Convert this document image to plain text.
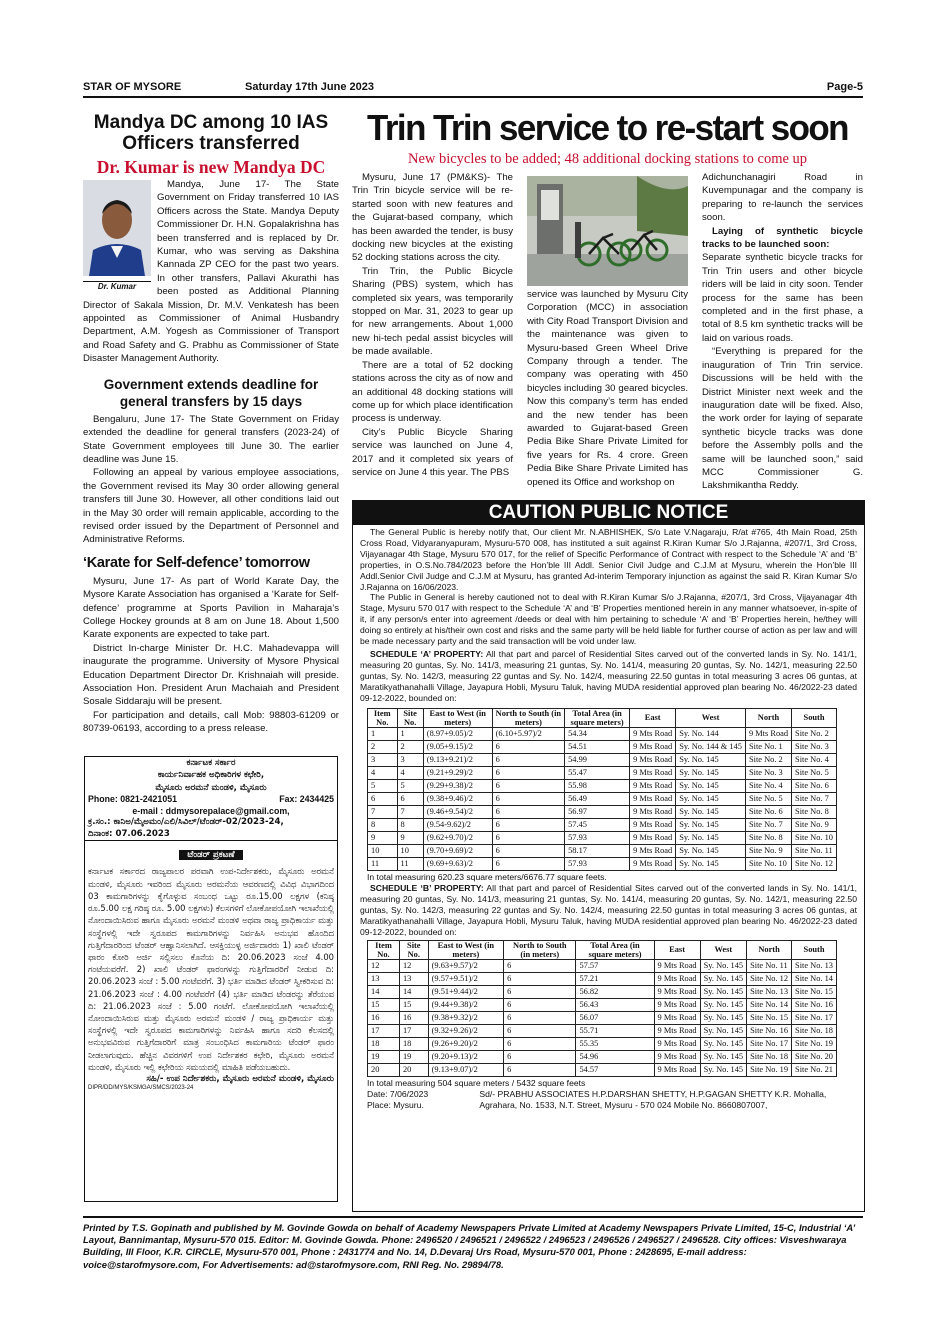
STAR OF MYSORE	Saturday 17th June 2023	Page-5
Mandya DC among 10 IAS Officers transferred
Dr. Kumar is new Mandya DC
Dr. Kumar

Mandya, June 17- The State Government on Friday transferred 10 IAS Officers across the State. Mandya Deputy Commissioner Dr. H.N. Gopalakrishna has been transferred and is replaced by Dr. Kumar, who was serving as Dakshina Kannada ZP CEO for the past two years. In other transfers, Pallavi Akurathi has been posted as Additional Planning Director of Sakala Mission, Dr. M.V. Venkatesh has been appointed as Commissioner of Animal Husbandry Department, A.M. Yogesh as Commissioner of Transport and Road Safety and G. Prabhu as Commissioner of State Disaster Management Authority.

Government extends deadline for general transfers by 15 days

Bengaluru, June 17- The State Government on Friday extended the deadline for general transfers (2023-24) of State Government employees till June 30. The earlier deadline was June 15.

Following an appeal by various employee associations, the Government revised its May 30 order allowing general transfers till June 30. However, all other conditions laid out in the May 30 order will remain applicable, according to the revised order issued by the Department of Personnel and Administrative Reforms.

‘Karate for Self-defence’ tomorrow

Mysuru, June 17- As part of World Karate Day, the Mysore Karate Association has organised a ‘Karate for Self-defence’ programme at Sports Pavilion in Maharaja’s College Hockey grounds at 8 am on June 18. About 1,500 Karate exponents are expected to take part.

District In-charge Minister Dr. H.C. Mahadevappa will inaugurate the programme. University of Mysore Physical Education Department Director Dr. Krishnaiah will preside. Association Hon. President Arun Machaiah and President Sosale Siddaraju will be present.

For participation and details, call Mob: 98803-61209 or 80739-06193, according to a press release.

ಕರ್ನಾಟಕ ಸರ್ಕಾರ
ಕಾರ್ಯನಿರ್ವಾಹಕ ಅಧಿಕಾರಿಗಳ ಕಛೇರಿ,
ಮೈಸೂರು ಅರಮನೆ ಮಂಡಳಿ, ಮೈಸೂರು
Phone: 0821-2421051	Fax: 2434425
e-mail : ddmysorepalace@gmail.com,
ಕ್ರ.ಸಂ.: ಕಾನಿಅ/ಮೈಅಮಂ/ಎಲಿ/ಸಿವಿಲ್/ಟೆಂಡರ್-02/2023-24,
ದಿನಾಂಕ: 07.06.2023
ಟೆಂಡರ್ ಪ್ರಕಟಣೆ
ಕರ್ನಾಟಕ ಸರ್ಕಾರದ ರಾಜ್ಯಪಾಲರ ಪರವಾಗಿ ಉಪ-ನಿರ್ದೇಶಕರು, ಮೈಸೂರು ಅರಮನೆ ಮಂಡಳಿ, ಮೈಸೂರು ಇವರಿಂದ ಮೈಸೂರು ಅರಮನೆಯ ಆವರಣದಲ್ಲಿ ವಿವಿಧ ವಿಭಾಗದಿಂದ 03 ಕಾಮಗಾರಿಗಳನ್ನು ಕೈಗೊಳ್ಳುವ ಸಂಬಂಧ ಒಟ್ಟು ರೂ.15.00 ಲಕ್ಷಗಳ (ಕನಿಷ್ಠ ರೂ.5.00 ಲಕ್ಷ ಗರಿಷ್ಠ ರೂ. 5.00 ಲಕ್ಷಗಳು) ಕೆಲಸಗಳಿಗೆ ಲೋಕೋಪಯೋಗಿ ಇಲಾಖೆಯಲ್ಲಿ ನೋಂದಾಯಿಸಿರುವ ಹಾಗೂ ಮೈಸೂರು ಅರಮನೆ ಮಂಡಳಿ ಅಥವಾ ರಾಜ್ಯ ಪ್ರಾಧಿಕಾರ್ಯ ಮತ್ತು ಸಂಸ್ಥೆಗಳಲ್ಲಿ ಇದೇ ಸ್ವರೂಪದ ಕಾಮಗಾರಿಗಳನ್ನು ನಿರ್ವಹಿಸಿ ಅನುಭವ ಹೊಂದಿದ ಗುತ್ತಿಗೆದಾರರಿಂದ ಟೆಂಡರ್ ಆಹ್ವಾನಿಸಲಾಗಿದೆ. ಆಸಕ್ತಿಯುಳ್ಳ ಅರ್ಜಿದಾರರು 1) ಖಾಲಿ ಟೆಂಡರ್ ಫಾರಂ ಕೋರಿ ಅರ್ಜಿ ಸಲ್ಲಿಸಲು ಕೊನೆಯ ದಿ: 20.06.2023 ಸಂಜೆ 4.00 ಗಂಟೆಯವರೆಗೆ. 2) ಖಾಲಿ ಟೆಂಡರ್ ಫಾರಂಗಳನ್ನು ಗುತ್ತಿಗೆದಾರರಿಗೆ ನೀಡುವ ದಿ: 20.06.2023 ಸಂಜೆ : 5.00 ಗಂಟೆವರೆಗೆ. 3) ಭರ್ತಿ ಮಾಡಿದ ಟೆಂಡರ್ ಸ್ವೀಕರಿಸುವ ದಿ: 21.06.2023 ಸಂಜೆ : 4.00 ಗಂಟೆವರೆಗೆ (4) ಭರ್ತಿ ಮಾಡಿದ ಟೆಂಡರನ್ನು ತೆರೆಯುವ ದಿ: 21.06.2023 ಸಂಜೆ : 5.00 ಗಂಟೆಗೆ. ಲೋಕೋಪಯೋಗಿ ಇಲಾಖೆಯಲ್ಲಿ ನೋಂದಾಯಿಸಿರುವ ಮತ್ತು ಮೈಸೂರು ಅರಮನೆ ಮಂಡಳಿ / ರಾಜ್ಯ ಪ್ರಾಧಿಕಾರ್ಯ ಮತ್ತು ಸಂಸ್ಥೆಗಳಲ್ಲಿ ಇದೇ ಸ್ವರೂಪದ ಕಾಮಗಾರಿಗಳನ್ನು ನಿರ್ವಹಿಸಿ ಹಾಗೂ ಸದರಿ ಕೆಲಸದಲ್ಲಿ ಅನುಭವವಿರುವ ಗುತ್ತಿಗೆದಾರರಿಗೆ ಮಾತ್ರ ಸಂಬಂಧಿಸಿದ ಕಾಮಗಾರಿಯ ಟೆಂಡರ್ ಫಾರಂ ನೀಡಲಾಗುವುದು. ಹೆಚ್ಚಿನ ವಿವರಗಳಿಗೆ ಉಪ ನಿರ್ದೇಶಕರ ಕಛೇರಿ, ಮೈಸೂರು ಅರಮನೆ ಮಂಡಳಿ, ಮೈಸೂರು ಇಲ್ಲಿ ಕಛೇರಿಯ ಸಮಯದಲ್ಲಿ ಮಾಹಿತಿ ಪಡೆಯಬಹುದು.
ಸಹಿ/- ಉಪ ನಿರ್ದೇಶಕರು, ಮೈಸೂರು ಅರಮನೆ ಮಂಡಳಿ, ಮೈಸೂರು
DIPR/DD/MYS/KSMGA/SMCS/2023-24
Trin Trin service to re-start soon
New bicycles to be added; 48 additional docking stations to come up

Mysuru, June 17 (PM&KS)- The Trin Trin bicycle service will be re-started soon with new features and the Gujarat-based company, which has been awarded the tender, is busy docking new bicycles at the existing 52 docking stations across the city.

Trin Trin, the Public Bicycle Sharing (PBS) system, which has completed six years, was temporarily stopped on Mar. 31, 2023 to gear up for new arrangements. About 1,000 new hi-tech pedal assist bicycles will be made available.

There are a total of 52 docking stations across the city as of now and an additional 48 docking stations will come up for which place identification process is underway.

City’s Public Bicycle Sharing service was launched on June 4, 2017 and it completed six years of service on June 4 this year. The PBS

service was launched by Mysuru City Corporation (MCC) in association with City Road Transport Division and the maintenance was given to Mysuru-based Green Wheel Drive Company through a tender. The company was operating with 450 bicycles including 30 geared bicycles. Now this company’s term has ended and the new tender has been awarded to Gujarat-based Green Pedia Bike Share Private Limited for five years for Rs. 4 crore. Green Pedia Bike Share Private Limited has opened its Office and workshop on

Adichunchanagiri Road in Kuvempunagar and the company is preparing to re-launch the services soon.

Laying of synthetic bicycle tracks to be launched soon:

Separate synthetic bicycle tracks for Trin Trin users and other bicycle riders will be laid in city soon. Tender process for the same has been completed and in the first phase, a total of 8.5 km synthetic tracks will be laid on various roads.

“Everything is prepared for the inauguration of Trin Trin service. Discussions will be held with the District Minister next week and the inauguration date will be fixed. Also, the work order for laying of separate synthetic bicycle tracks was done before the Assembly polls and the same will be launched soon,” said MCC Commissioner G. Lakshmikantha Reddy.

CAUTION PUBLIC NOTICE

The General Public is hereby notify that, Our client Mr. N.ABHISHEK, S/o Late V.Nagaraju, R/at #765, 4th Main Road, 25th Cross Road, Vidyaranyapuram, Mysuru-570 008, has instituted a suit against R.Kiran Kumar S/o J.Rajanna, #207/1, 3rd Cross, Vijayanagar 4th Stage, Mysuru 570 017, for the relief of Specific Performance of Contract with respect to the Schedule ‘A’ and ‘B’ properties, in O.S.No.784/2023 before the Hon’ble III Addl. Senior Civil Judge and C.J.M at Mysuru, wherein the Hon’ble III Addl.Senior Civil Judge and C.J.M at Mysuru, has granted Ad-interim Temporary injunction as against the said R. Kiran Kumar S/o J.Rajanna on 16/06/2023.

The Public in General is hereby cautioned not to deal with R.Kiran Kumar S/o J.Rajanna, #207/1, 3rd Cross, Vijayanagar 4th Stage, Mysuru 570 017 with respect to the Schedule ‘A’ and ‘B’ Properties mentioned herein in any manner whatsoever, in-spite of it, if any person/s enter into agreement /deeds or deal with him pertaining to schedule ‘A’ and ‘B’ Properties herein, he/they will doing so entirely at his/their own cost and risks and the same party will be held liable for further course of action as per law and will be made necessary party and the said transaction will be void under law.

SCHEDULE ‘A’ PROPERTY: All that part and parcel of Residential Sites carved out of the converted lands in Sy. No. 141/1, measuring 20 guntas, Sy. No. 141/3, measuring 21 guntas, Sy. No. 141/4, measuring 20 guntas, Sy. No. 142/1, measuring 22.50 guntas, Sy. No. 142/3, measuring 22 guntas and Sy. No. 142/4, measuring 22.50 guntas in total measuring 3 acres 06 guntas, at Maratikyathanahalli Village, Jayapura Hobli, Mysuru Taluk, having MUDA residential approved plan bearing No. 46/2022-23 dated 09-12-2022, bounded on:

Item No.	Site No.	East to West (in meters)	North to South (in meters)	Total Area (in square meters)	East	West	North	South
1	1	(8.97+9.05)/2	(6.10+5.97)/2	54.34	9 Mts Road	Sy. No. 144	9 Mts Road	Site No. 2
2	2	(9.05+9.15)/2	6	54.51	9 Mts Road	Sy. No. 144 & 145	Site No. 1	Site No. 3
3	3	(9.13+9.21)/2	6	54.99	9 Mts Road	Sy. No. 145	Site No. 2	Site No. 4
4	4	(9.21+9.29)/2	6	55.47	9 Mts Road	Sy. No. 145	Site No. 3	Site No. 5
5	5	(9.29+9.38)/2	6	55.98	9 Mts Road	Sy. No. 145	Site No. 4	Site No. 6
6	6	(9.38+9.46)/2	6	56.49	9 Mts Road	Sy. No. 145	Site No. 5	Site No. 7
7	7	(9.46+9.54)/2	6	56.97	9 Mts Road	Sy. No. 145	Site No. 6	Site No. 8
8	8	(9.54-9.62)/2	6	57.45	9 Mts Road	Sy. No. 145	Site No. 7	Site No. 9
9	9	(9.62+9.70)/2	6	57.93	9 Mts Road	Sy. No. 145	Site No. 8	Site No. 10
10	10	(9.70+9.69)/2	6	58.17	9 Mts Road	Sy. No. 145	Site No. 9	Site No. 11
11	11	(9.69+9.63)/2	6	57.93	9 Mts Road	Sy. No. 145	Site No. 10	Site No. 12
In total measuring 620.23 square meters/6676.77 square feets.

SCHEDULE ‘B’ PROPERTY: All that part and parcel of Residential Sites carved out of the converted lands in Sy. No. 141/1, measuring 20 guntas, Sy. No. 141/3, measuring 21 guntas, Sy. No. 141/4, measuring 20 guntas, Sy. No. 142/1, measuring 22.50 guntas, Sy. No. 142/3, measuring 22 guntas and Sy. No. 142/4, measuring 22.50 guntas in total measuring 3 acres 06 guntas, at Maratikyathanahalli Village, Jayapura Hobli, Mysuru Taluk, having MUDA residential approved plan bearing No. 46/2022-23 dated 09-12-2022, bounded on:

Item No.	Site No.	East to West (in meters)	North to South (in meters)	Total Area (in square meters)	East	West	North	South
12	12	(9.63+9.57)/2	6	57.57	9 Mts Road	Sy. No. 145	Site No. 11	Site No. 13
13	13	(9.57+9.51)/2	6	57.21	9 Mts Road	Sy. No. 145	Site No. 12	Site No. 14
14	14	(9.51+9.44)/2	6	56.82	9 Mts Road	Sy. No. 145	Site No. 13	Site No. 15
15	15	(9.44+9.38)/2	6	56.43	9 Mts Road	Sy. No. 145	Site No. 14	Site No. 16
16	16	(9.38+9.32)/2	6	56.07	9 Mts Road	Sy. No. 145	Site No. 15	Site No. 17
17	17	(9.32+9.26)/2	6	55.71	9 Mts Road	Sy. No. 145	Site No. 16	Site No. 18
18	18	(9.26+9.20)/2	6	55.35	9 Mts Road	Sy. No. 145	Site No. 17	Site No. 19
19	19	(9.20+9.13)/2	6	54.96	9 Mts Road	Sy. No. 145	Site No. 18	Site No. 20
20	20	(9.13+9.07)/2	6	54.57	9 Mts Road	Sy. No. 145	Site No. 19	Site No. 21
In total measuring 504 square meters / 5432 square feets
Date: 7/06/2023
Place: Mysuru. Sd/- PRABHU ASSOCIATES H.P.DARSHAN SHETTY, H.P.GAGAN SHETTY K.R. Mohalla, Agrahara, No. 1533, N.T. Street, Mysuru - 570 024 Mobile No. 8660807007,
Printed by T.S. Gopinath and published by M. Govinde Gowda on behalf of Academy Newspapers Private Limited at Academy Newspapers Private Limited, 15-C, Industrial ‘A’ Layout, Bannimantap, Mysuru-570 015. Editor: M. Govinde Gowda. Phone: 2496520 / 2496521 / 2496522 / 2496523 / 2496526 / 2496527 / 2496528. City offices: Visveshwaraya Building, III Floor, K.R. CIRCLE, Mysuru-570 001, Phone : 2431774 and No. 14, D.Devaraj Urs Road, Mysuru-570 001, Phone : 2428695, E-mail address: voice@starofmysore.com, For Advertisements: ad@starofmysore.com, RNI Reg. No. 29894/78.
